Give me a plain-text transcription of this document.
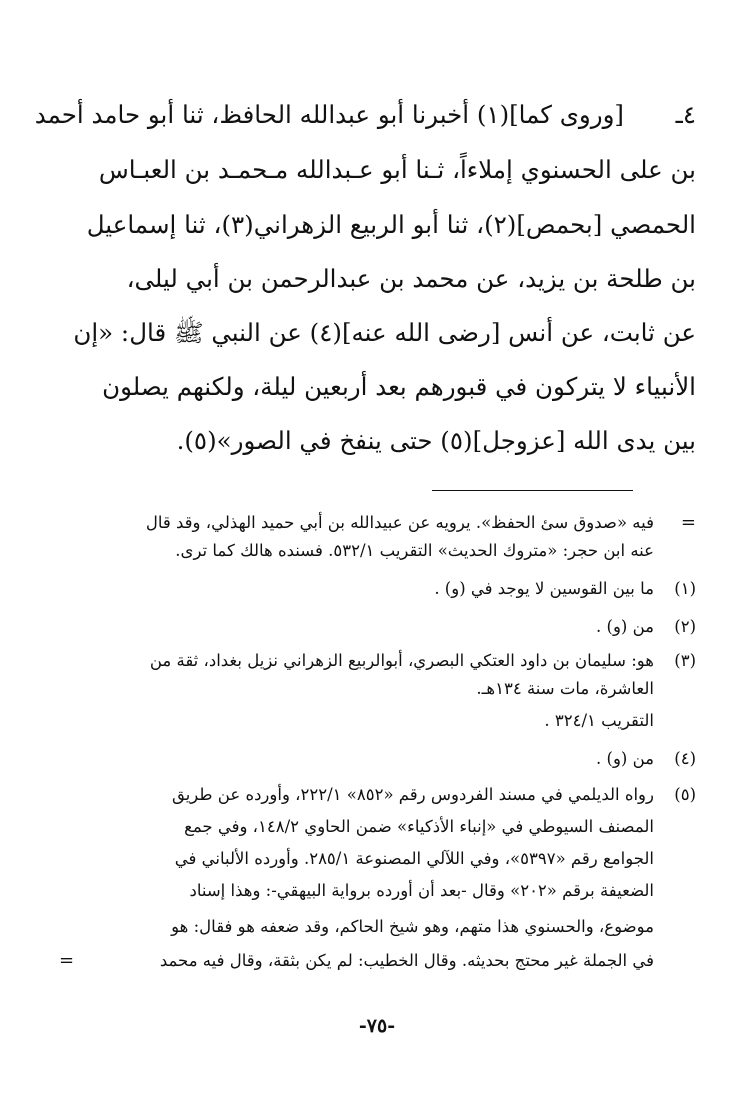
٤ـ
[وروى كما](١) أخبرنا أبو عبدالله الحافظ، ثنا أبو حامد أحمد
بن على الحسنوي إملاءاً، ثـنا أبو عـبدالله مـحمـد بن العبـاس
الحمصي [بحمص](٢)، ثنا أبو الربيع الزهراني(٣)، ثنا إسماعيل
بن طلحة بن يزيد، عن محمد بن عبدالرحمن بن أبي ليلى،
عن ثابت، عن أنس [رضى الله عنه](٤) عن النبي ﷺ قال: «إن
الأنبياء لا يتركون في قبورهم بعد أربعين ليلة، ولكنهم يصلون
بين يدى الله [عزوجل](٥) حتى ينفخ في الصور»(٥).
=
فيه «صدوق سئ الحفظ». يرويه عن عبيدالله بن أبي حميد الهذلي، وقد قال
عنه ابن حجر: «متروك الحديث» التقريب ٥٣٢/١. فسنده هالك كما ترى.
(١)
ما بين القوسين لا يوجد في (و) .
(٢)
من (و) .
(٣)
هو: سليمان بن داود العتكي البصري، أبوالربيع الزهراني نزيل بغداد، ثقة من
العاشرة، مات سنة ١٣٤هـ.
التقريب ٣٢٤/١ .
(٤)
من (و) .
(٥)
رواه الديلمي في مسند الفردوس رقم «٨٥٢» ٢٢٢/١، وأورده عن طريق
المصنف السيوطي في «إنباء الأذكياء» ضمن الحاوي ١٤٨/٢، وفي جمع
الجوامع رقم «٥٣٩٧»، وفي اللآلي المصنوعة ٢٨٥/١. وأورده الألباني في
الضعيفة برقم «٢٠٢» وقال -بعد أن أورده برواية البيهقي-: وهذا إسناد
موضوع، والحسنوي هذا متهم، وهو شيخ الحاكم، وقد ضعفه هو فقال: هو
في الجملة غير محتج بحديثه. وقال الخطيب: لم يكن بثقة، وقال فيه محمد
=
-٧٥-
